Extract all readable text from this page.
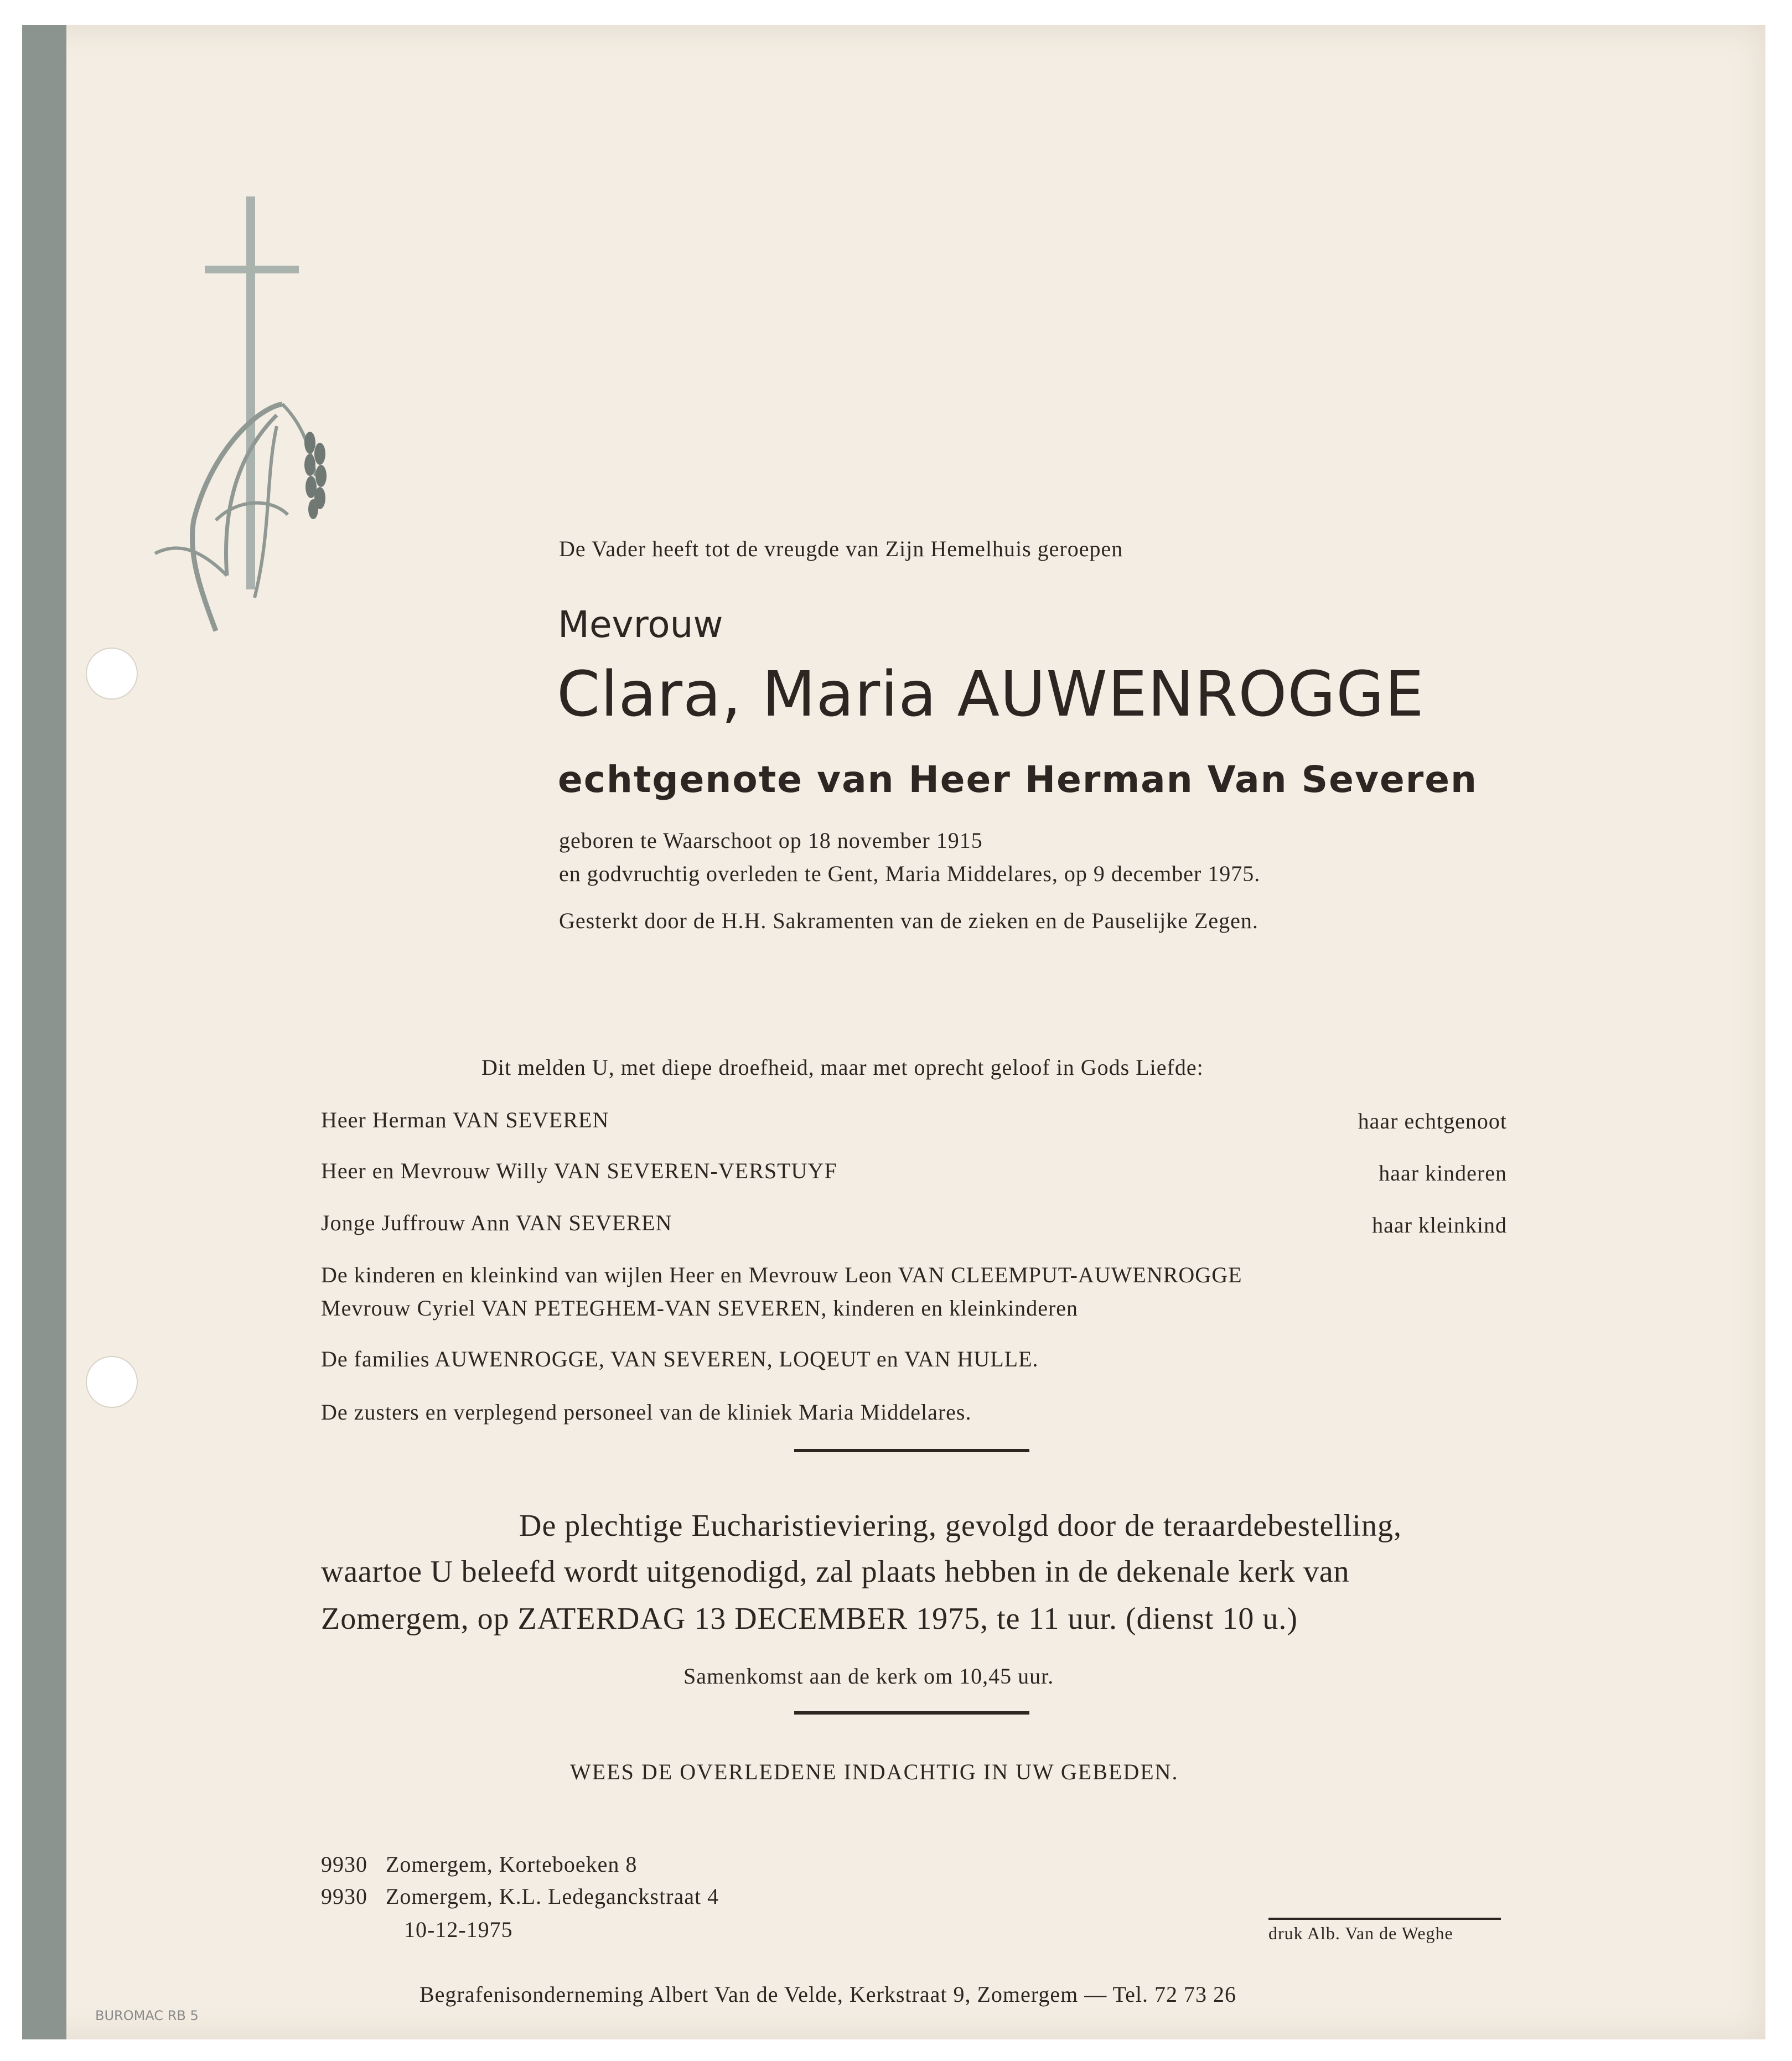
De Vader heeft tot de vreugde van Zijn Hemelhuis geroepen
Mevrouw
Clara, Maria AUWENROGGE
echtgenote van Heer Herman Van Severen
geboren te Waarschoot op 18 november 1915
en godvruchtig overleden te Gent, Maria Middelares, op 9 december 1975.
Gesterkt door de H.H. Sakramenten van de zieken en de Pauselijke Zegen.
Dit melden U, met diepe droefheid, maar met oprecht geloof in Gods Liefde:
Heer Herman VAN SEVEREN	haar echtgenoot
Heer en Mevrouw Willy VAN SEVEREN-VERSTUYF	haar kinderen
Jonge Juffrouw Ann VAN SEVEREN	haar kleinkind
De kinderen en kleinkind van wijlen Heer en Mevrouw Leon VAN CLEEMPUT-AUWENROGGE
Mevrouw Cyriel VAN PETEGHEM-VAN SEVEREN, kinderen en kleinkinderen
De families AUWENROGGE, VAN SEVEREN, LOQEUT en VAN HULLE.
De zusters en verplegend personeel van de kliniek Maria Middelares.
De plechtige Eucharistieviering, gevolgd door de teraardebestelling,
waartoe U beleefd wordt uitgenodigd, zal plaats hebben in de dekenale kerk van
Zomergem, op ZATERDAG 13 DECEMBER 1975, te 11 uur. (dienst 10 u.)
Samenkomst aan de kerk om 10,45 uur.
WEES DE OVERLEDENE INDACHTIG IN UW GEBEDEN.
9930   Zomergem, Korteboeken 8
9930   Zomergem, K.L. Ledeganckstraat 4
10-12-1975	druk Alb. Van de Weghe
Begrafenisonderneming Albert Van de Velde, Kerkstraat 9, Zomergem — Tel. 72 73 26
BUROMAC RB 5
